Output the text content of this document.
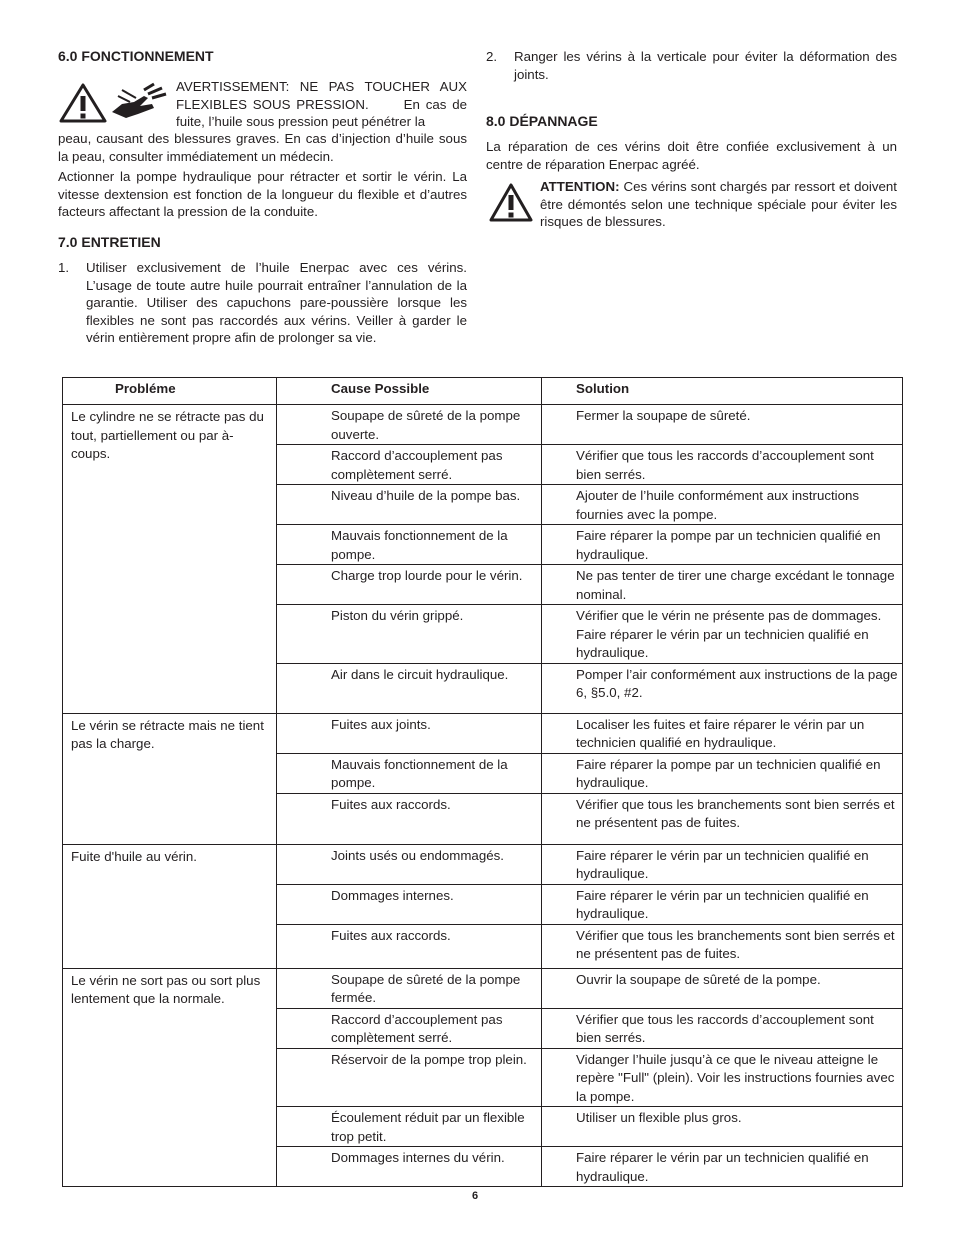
6.0 FONCTIONNEMENT
AVERTISSEMENT: NE PAS TOUCHER AUX FLEXIBLES SOUS PRESSION.	En cas de fuite, l’huile sous pression peut pénétrer la
peau, causant des blessures graves. En cas d’injection d’huile sous la peau, consulter immédiatement un médecin.
Actionner la pompe hydraulique pour rétracter et sortir le vérin. La vitesse dextension est fonction de la longueur du flexible et d’autres facteurs affectant la pression de la conduite.
7.0 ENTRETIEN
1. Utiliser exclusivement de l’huile Enerpac avec ces vérins. L’usage de toute autre huile pourrait entraîner l’annulation de la garantie. Utiliser des capuchons pare-poussière lorsque les flexibles ne sont pas raccordés aux vérins. Veiller à garder le vérin entièrement propre afin de prolonger sa vie.
2. Ranger les vérins à la verticale pour éviter la déformation des joints.
8.0 DÉPANNAGE
La réparation de ces vérins doit être confiée exclusivement à un centre de réparation Enerpac agréé.
ATTENTION: Ces vérins sont chargés par ressort et doivent être démontés selon une technique spéciale pour éviter les risques de blessures.
Probléme	Cause Possible	Solution
Le cylindre ne se rétracte pas du tout, partiellement ou par à-coups.	Soupape de sûreté de la pompe ouverte.	Fermer la soupape de sûreté.
	Raccord d’accouplement pas complètement serré.	Vérifier que tous les raccords d’accouplement sont bien serrés.
	Niveau d’huile de la pompe bas.	Ajouter de l’huile conformément aux instructions fournies avec la pompe.
	Mauvais fonctionnement de la pompe.	Faire réparer la pompe par un technicien qualifié en hydraulique.
	Charge trop lourde pour le vérin.	Ne pas tenter de tirer une charge excédant le tonnage nominal.
	Piston du vérin grippé.	Vérifier que le vérin ne présente pas de dommages. Faire réparer le vérin par un technicien qualifié en hydraulique.
	Air dans le circuit hydraulique.	Pomper l’air conformément aux instructions de la page 6, §5.0, #2.
Le vérin se rétracte mais ne tient pas la charge.	Fuites aux joints.	Localiser les fuites et faire réparer le vérin par un technicien qualifié en hydraulique.
	Mauvais fonctionnement de la pompe.	Faire réparer la pompe par un technicien qualifié en hydraulique.
	Fuites aux raccords.	Vérifier que tous les branchements sont bien serrés et ne présentent pas de fuites.
Fuite d'huile au vérin.	Joints usés ou endommagés.	Faire réparer le vérin par un technicien qualifié en hydraulique.
	Dommages internes.	Faire réparer le vérin par un technicien qualifié en hydraulique.
	Fuites aux raccords.	Vérifier que tous les branchements sont bien serrés et ne présentent pas de fuites.
Le vérin ne sort pas ou sort plus lentement que la normale.	Soupape de sûreté de la pompe fermée.	Ouvrir la soupape de sûreté de la pompe.
	Raccord d’accouplement pas complètement serré.	Vérifier que tous les raccords d’accouplement sont bien serrés.
	Réservoir de la pompe trop plein.	Vidanger l’huile jusqu’à ce que le niveau atteigne le repère "Full" (plein). Voir les instructions fournies avec la pompe.
	Écoulement réduit par un flexible trop petit.	Utiliser un flexible plus gros.
	Dommages internes du vérin.	Faire réparer le vérin par un technicien qualifié en hydraulique.
6
